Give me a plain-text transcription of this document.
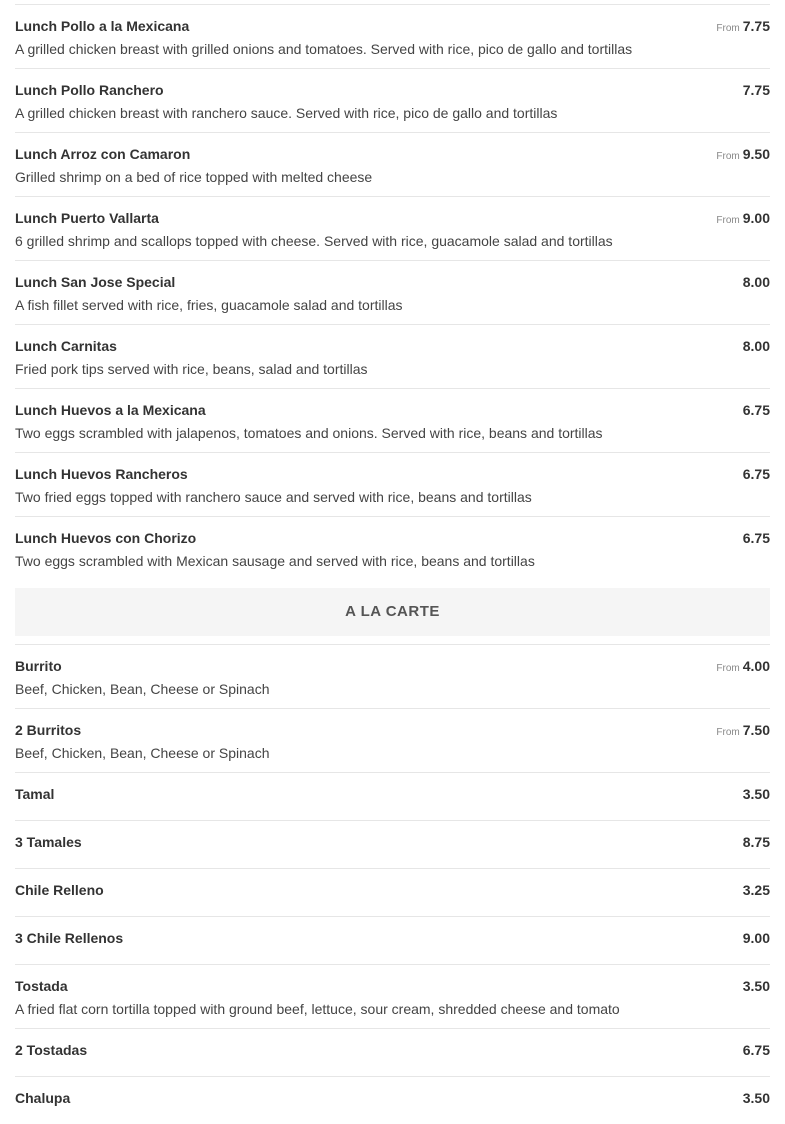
Lunch Pollo a la Mexicana	From 7.75
A grilled chicken breast with grilled onions and tomatoes. Served with rice, pico de gallo and tortillas
Lunch Pollo Ranchero	7.75
A grilled chicken breast with ranchero sauce. Served with rice, pico de gallo and tortillas
Lunch Arroz con Camaron	From 9.50
Grilled shrimp on a bed of rice topped with melted cheese
Lunch Puerto Vallarta	From 9.00
6 grilled shrimp and scallops topped with cheese. Served with rice, guacamole salad and tortillas
Lunch San Jose Special	8.00
A fish fillet served with rice, fries, guacamole salad and tortillas
Lunch Carnitas	8.00
Fried pork tips served with rice, beans, salad and tortillas
Lunch Huevos a la Mexicana	6.75
Two eggs scrambled with jalapenos, tomatoes and onions. Served with rice, beans and tortillas
Lunch Huevos Rancheros	6.75
Two fried eggs topped with ranchero sauce and served with rice, beans and tortillas
Lunch Huevos con Chorizo	6.75
Two eggs scrambled with Mexican sausage and served with rice, beans and tortillas
A LA CARTE
Burrito	From 4.00
Beef, Chicken, Bean, Cheese or Spinach
2 Burritos	From 7.50
Beef, Chicken, Bean, Cheese or Spinach
Tamal	3.50
3 Tamales	8.75
Chile Relleno	3.25
3 Chile Rellenos	9.00
Tostada	3.50
A fried flat corn tortilla topped with ground beef, lettuce, sour cream, shredded cheese and tomato
2 Tostadas	6.75
Chalupa	3.50
